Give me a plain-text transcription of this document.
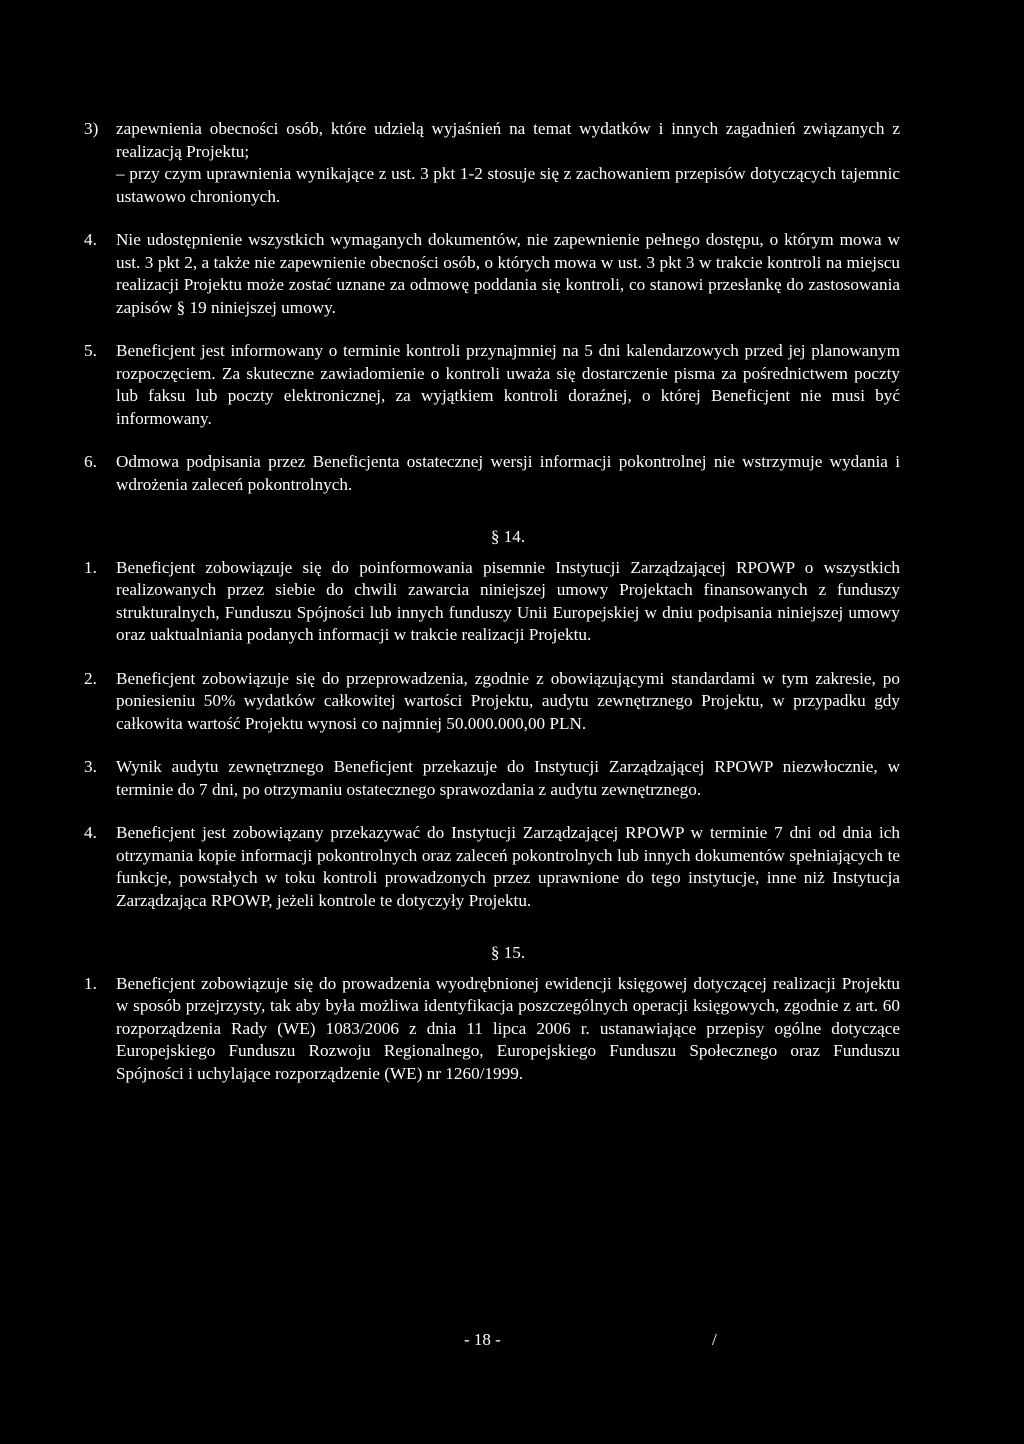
3) zapewnienia obecności osób, które udzielą wyjaśnień na temat wydatków i innych zagadnień związanych z realizacją Projektu;

– przy czym uprawnienia wynikające z ust. 3 pkt 1-2 stosuje się z zachowaniem przepisów dotyczących tajemnic ustawowo chronionych.

4. Nie udostępnienie wszystkich wymaganych dokumentów, nie zapewnienie pełnego dostępu, o którym mowa w ust. 3 pkt 2, a także nie zapewnienie obecności osób, o których mowa w ust. 3 pkt 3 w trakcie kontroli na miejscu realizacji Projektu może zostać uznane za odmowę poddania się kontroli, co stanowi przesłankę do zastosowania zapisów § 19 niniejszej umowy.

5. Beneficjent jest informowany o terminie kontroli przynajmniej na 5 dni kalendarzowych przed jej planowanym rozpoczęciem. Za skuteczne zawiadomienie o kontroli uważa się dostarczenie pisma za pośrednictwem poczty lub faksu lub poczty elektronicznej, za wyjątkiem kontroli doraźnej, o której Beneficjent nie musi być informowany.

6. Odmowa podpisania przez Beneficjenta ostatecznej wersji informacji pokontrolnej nie wstrzymuje wydania i wdrożenia zaleceń pokontrolnych.

§ 14.

1. Beneficjent zobowiązuje się do poinformowania pisemnie Instytucji Zarządzającej RPOWP o wszystkich realizowanych przez siebie do chwili zawarcia niniejszej umowy Projektach finansowanych z funduszy strukturalnych, Funduszu Spójności lub innych funduszy Unii Europejskiej w dniu podpisania niniejszej umowy oraz uaktualniania podanych informacji w trakcie realizacji Projektu.

2. Beneficjent zobowiązuje się do przeprowadzenia, zgodnie z obowiązującymi standardami w tym zakresie, po poniesieniu 50% wydatków całkowitej wartości Projektu, audytu zewnętrznego Projektu, w przypadku gdy całkowita wartość Projektu wynosi co najmniej 50.000.000,00 PLN.

3. Wynik audytu zewnętrznego Beneficjent przekazuje do Instytucji Zarządzającej RPOWP niezwłocznie, w terminie do 7 dni, po otrzymaniu ostatecznego sprawozdania z audytu zewnętrznego.

4. Beneficjent jest zobowiązany przekazywać do Instytucji Zarządzającej RPOWP w terminie 7 dni od dnia ich otrzymania kopie informacji pokontrolnych oraz zaleceń pokontrolnych lub innych dokumentów spełniających te funkcje, powstałych w toku kontroli prowadzonych przez uprawnione do tego instytucje, inne niż Instytucja Zarządzająca RPOWP, jeżeli kontrole te dotyczyły Projektu.

§ 15.

1. Beneficjent zobowiązuje się do prowadzenia wyodrębnionej ewidencji księgowej dotyczącej realizacji Projektu w sposób przejrzysty, tak aby była możliwa identyfikacja poszczególnych operacji księgowych, zgodnie z art. 60 rozporządzenia Rady (WE) 1083/2006 z dnia 11 lipca 2006 r. ustanawiające przepisy ogólne dotyczące Europejskiego Funduszu Rozwoju Regionalnego, Europejskiego Funduszu Społecznego oraz Funduszu Spójności i uchylające rozporządzenie (WE) nr 1260/1999.

- 18 -	/
